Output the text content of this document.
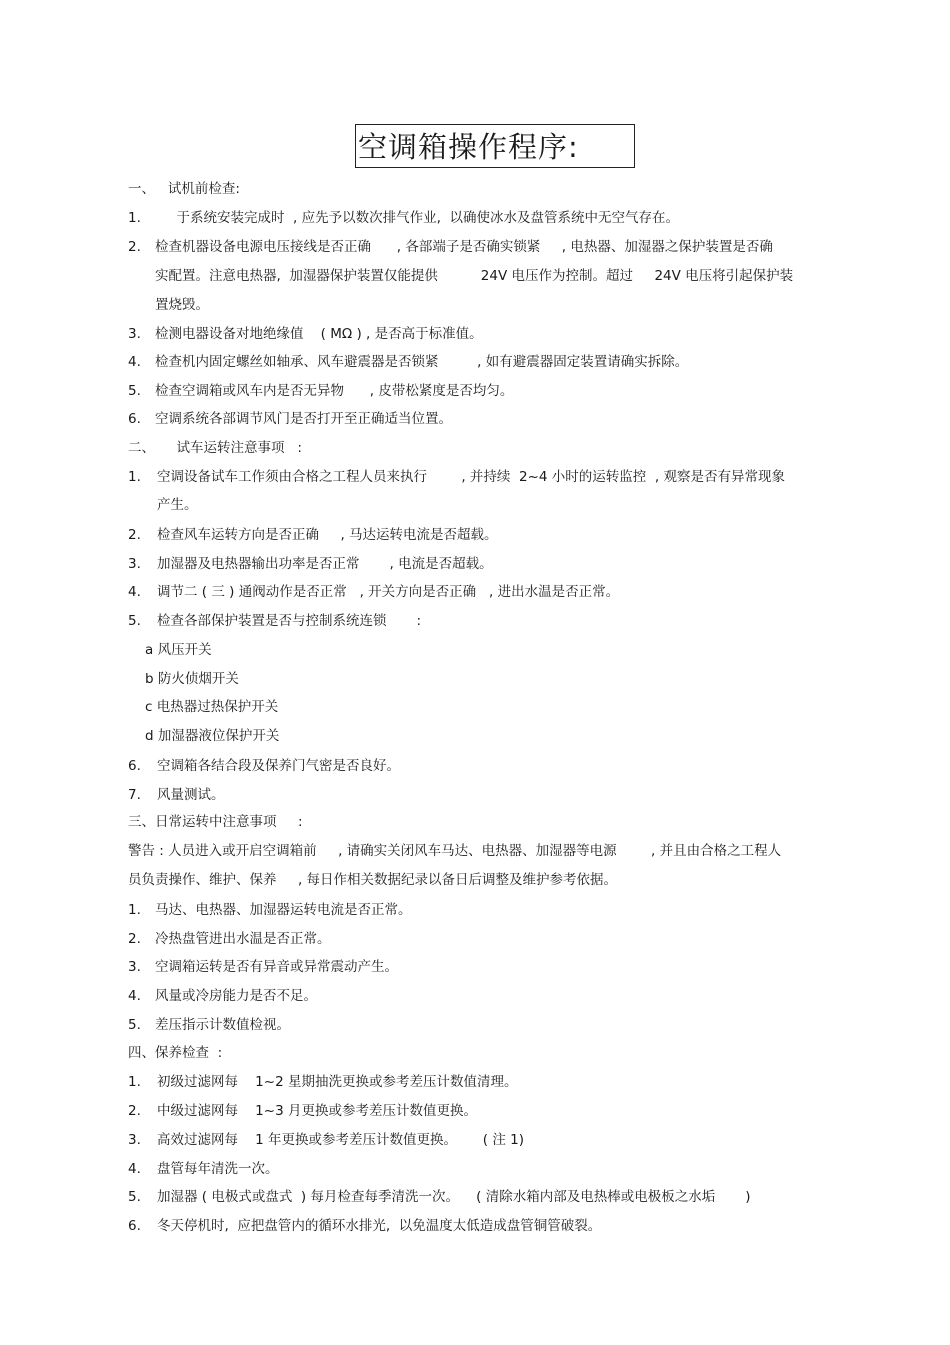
空调箱操作程序:
一、   试机前检查:
1. 于系统安装完成时  , 应先予以数次排气作业,  以确使冰水及盘管系统中无空气存在。
2. 检查机器设备电源电压接线是否正确      , 各部端子是否确实锁紧     , 电热器、加湿器之保护装置是否确
实配置。注意电热器,  加湿器保护装置仅能提供          24V 电压作为控制。超过     24V 电压将引起保护装
置烧毁。
3. 检测电器设备对地绝缘值    ( MΩ ) , 是否高于标准值。
4. 检查机内固定螺丝如轴承、风车避震器是否锁紧         , 如有避震器固定装置请确实拆除。
5. 检查空调箱或风车内是否无异物      , 皮带松紧度是否均匀。
6. 空调系统各部调节风门是否打开至正确适当位置。
二、     试车运转注意事项   :
1. 空调设备试车工作须由合格之工程人员来执行        , 并持续  2~4 小时的运转监控  , 观察是否有异常现象
产生。
2. 检查风车运转方向是否正确     , 马达运转电流是否超载。
3. 加湿器及电热器输出功率是否正常       , 电流是否超载。
4. 调节二 ( 三 ) 通阀动作是否正常   , 开关方向是否正确   , 进出水温是否正常。
5. 检查各部保护装置是否与控制系统连锁       :
a 风压开关
b 防火侦烟开关
c 电热器过热保护开关
d 加湿器液位保护开关
6. 空调箱各结合段及保养门气密是否良好。
7. 风量测试。
三、日常运转中注意事项     :
警告 : 人员进入或开启空调箱前     , 请确实关闭风车马达、电热器、加湿器等电源        , 并且由合格之工程人
员负责操作、维护、保养     , 每日作相关数据纪录以备日后调整及维护参考依据。
1. 马达、电热器、加湿器运转电流是否正常。
2. 冷热盘管进出水温是否正常。
3. 空调箱运转是否有异音或异常震动产生。
4. 风量或冷房能力是否不足。
5. 差压指示计数值检视。
四、保养检查  :
1. 初级过滤网每    1~2 星期抽洗更换或参考差压计数值清理。
2. 中级过滤网每    1~3 月更换或参考差压计数值更换。
3. 高效过滤网每    1 年更换或参考差压计数值更换。      ( 注 1)
4. 盘管每年清洗一次。
5. 加湿器 ( 电极式或盘式  ) 每月检查每季清洗一次。    ( 清除水箱内部及电热棒或电极板之水垢       )
6. 冬天停机时,  应把盘管内的循环水排光,  以免温度太低造成盘管铜管破裂。
